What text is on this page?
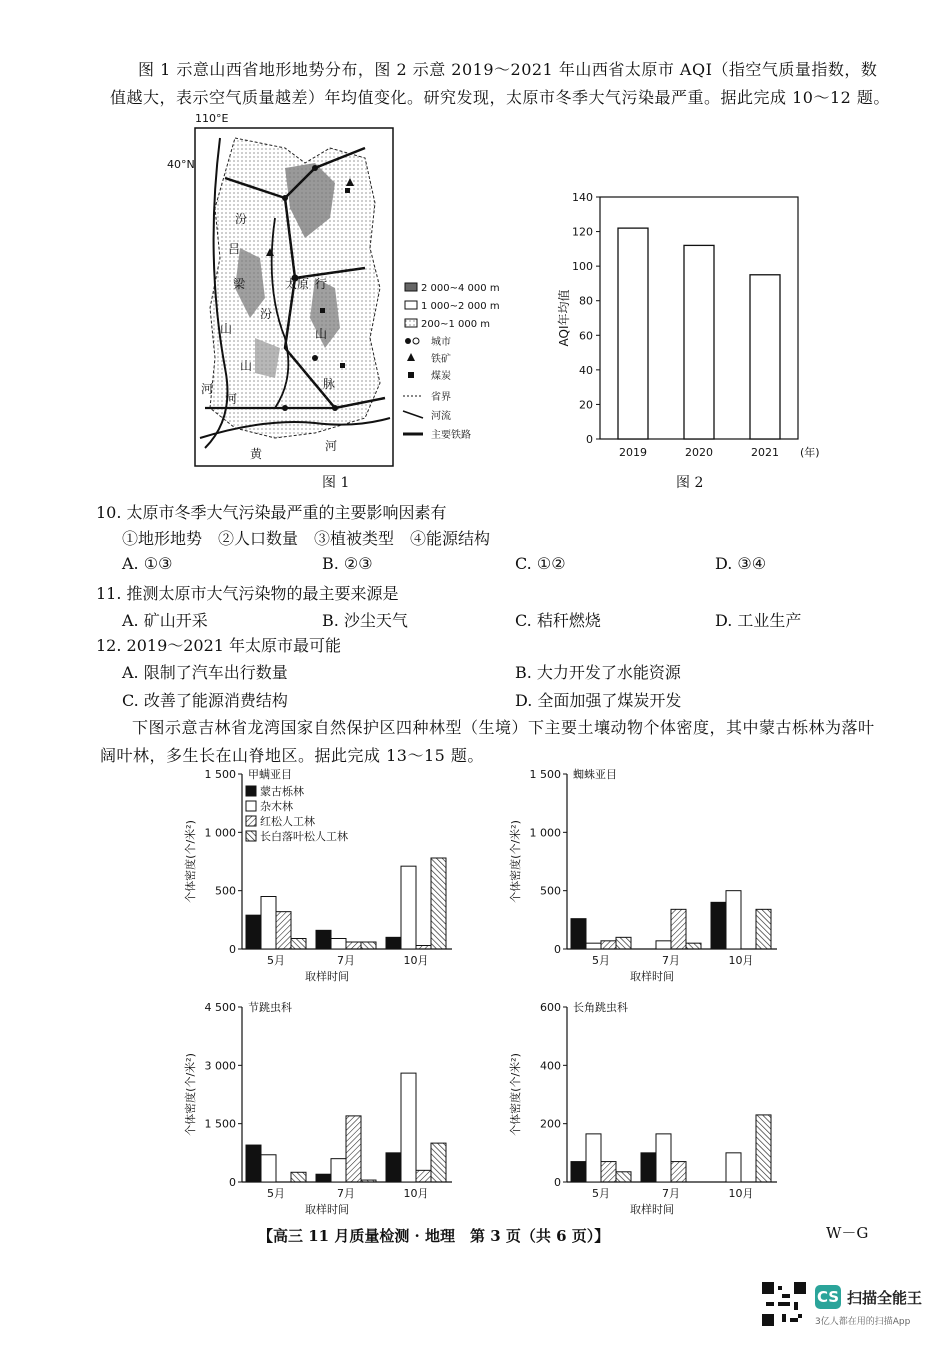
图 1 示意山西省地形地势分布，图 2 示意 2019～2021 年山西省太原市 AQI（指空气质量指数，数值越大，表示空气质量越差）年均值变化。研究发现，太原市冬季大气污染最严重。据此完成 10～12 题。
110°E
40°N
汾
吕
梁
山
太原 行
山
脉
黄
河
河
山
汾
河
2 000~4 000 m
1 000~2 000 m
200~1 000 m
城市
铁矿
煤炭
省界
河流
主要铁路
图 1
0
20
40
60
80
100
120
140
AQI年均值
2019	2020	2021 (年)
图 2
10. 太原市冬季大气污染最严重的主要影响因素有
①地形地势　②人口数量　③植被类型　④能源结构
A. ①③	B. ②③	C. ①②	D. ③④
11. 推测太原市大气污染物的最主要来源是
A. 矿山开采	B. 沙尘天气	C. 秸秆燃烧	D. 工业生产
12. 2019～2021 年太原市最可能
A. 限制了汽车出行数量	B. 大力开发了水能资源
C. 改善了能源消费结构	D. 全面加强了煤炭开发
下图示意吉林省龙湾国家自然保护区四种林型（生境）下主要土壤动物个体密度，其中蒙古栎林为落叶阔叶林，多生长在山脊地区。据此完成 13～15 题。
0
500
1 000
1 500
个体密度(个/米²)
甲螨亚目
5月	7月	10月
取样时间
蒙古栎林
杂木林
红松人工林
长白落叶松人工林
0
500
1 000
1 500
个体密度(个/米²)
蜘蛛亚目
5月	7月	10月
取样时间
0
1 500
3 000
4 500
个体密度(个/米²)
节跳虫科
5月	7月	10月
取样时间
0
200
400
600
个体密度(个/米²)
长角跳虫科
5月	7月	10月
取样时间
【高三 11 月质量检测 · 地理　第 3 页（共 6 页）】	W－G
CS 扫描全能王
3亿人都在用的扫描App
